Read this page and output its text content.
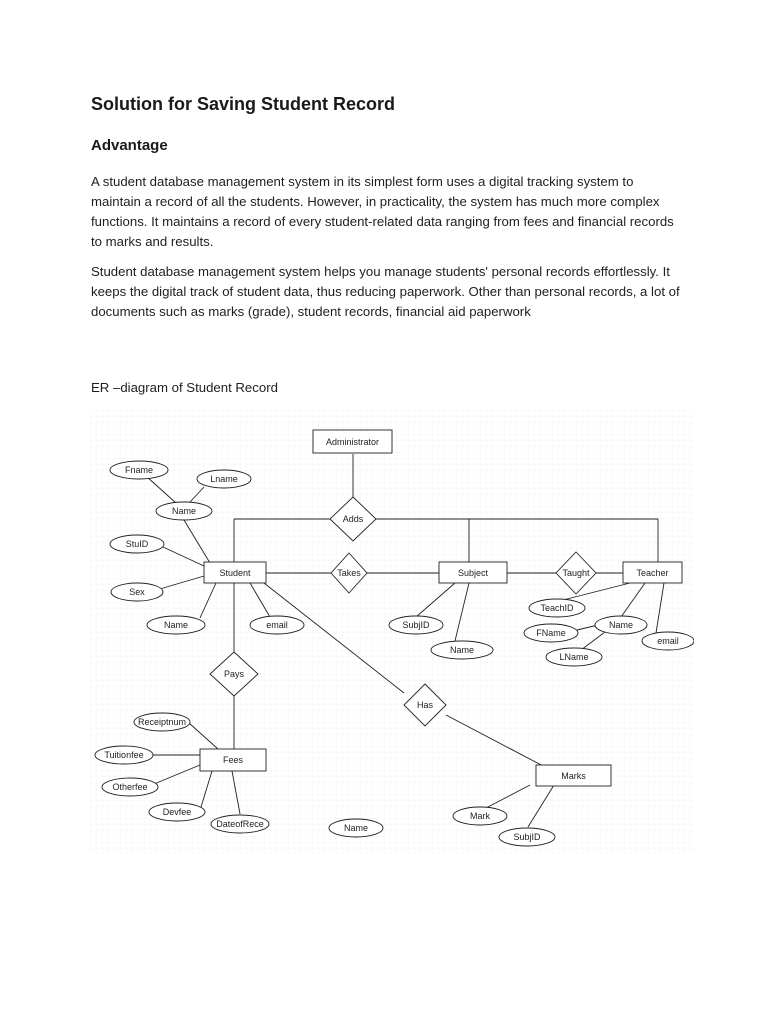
Solution for Saving Student Record
Advantage

A student database management system in its simplest form uses a digital tracking system to maintain a record of all the students. However, in practicality, the system has much more complex functions. It maintains a record of every student-related data ranging from fees and financial records to marks and results.

Student database management system helps you manage students' personal records effortlessly. It keeps the digital track of student data, thus reducing paperwork. Other than personal records, a lot of documents such as marks (grade), student records, financial aid paperwork

ER –diagram of Student Record

Administrator
Student	Subject	Teacher
Fees
Marks
Adds
Takes	Taught
Pays
Has
Fname
Lname
Name
StuID
Sex
Name	email	SubjID
Name
TeachID
Name
FName
LName
email
Receiptnum
Tuitionfee
Otherfee
Devfee
DateofRece	Name
Mark
SubjID
